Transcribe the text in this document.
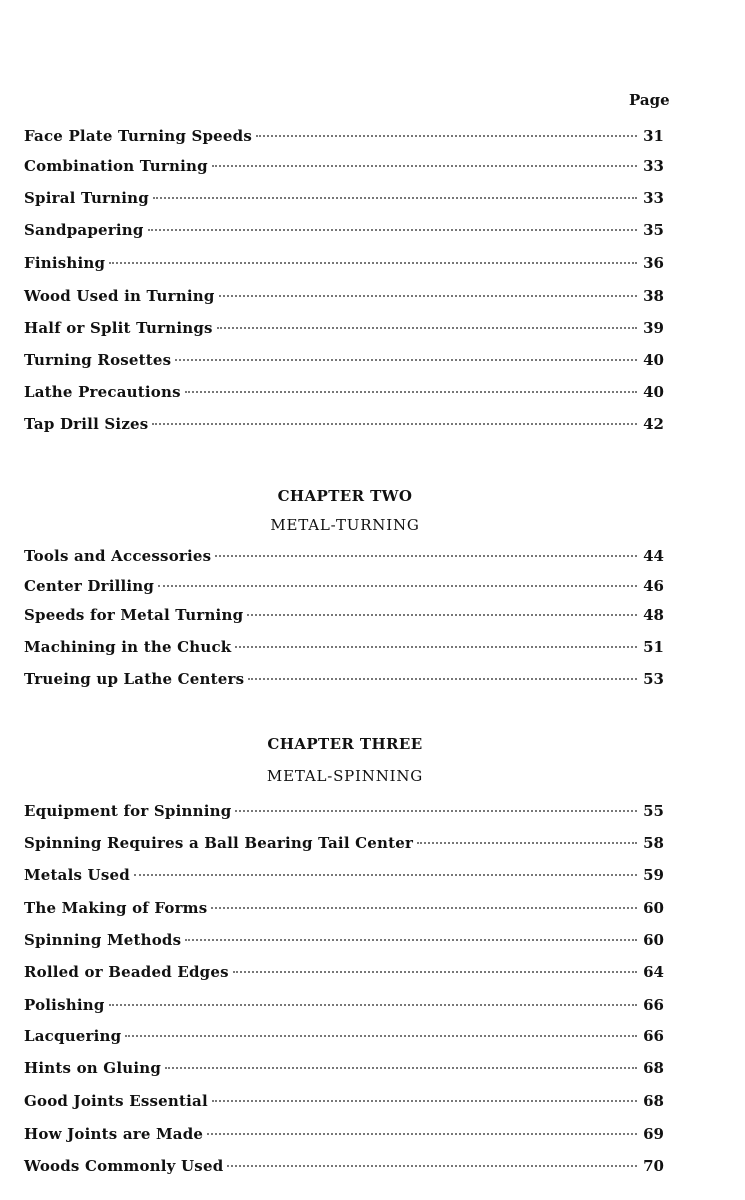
Page
Face Plate Turning Speeds	31
Combination Turning	33
Spiral Turning	33
Sandpapering	35
Finishing	36
Wood Used in Turning	38
Half or Split Turnings	39
Turning Rosettes	40
Lathe Precautions	40
Tap Drill Sizes	42
CHAPTER TWO
METAL-TURNING
Tools and Accessories	44
Center Drilling	46
Speeds for Metal Turning	48
Machining in the Chuck	51
Trueing up Lathe Centers	53
CHAPTER THREE
METAL-SPINNING
Equipment for Spinning	55
Spinning Requires a Ball Bearing Tail Center	58
Metals Used	59
The Making of Forms	60
Spinning Methods	60
Rolled or Beaded Edges	64
Polishing	66
Lacquering	66
Hints on Gluing	68
Good Joints Essential	68
How Joints are Made	69
Woods Commonly Used	70
